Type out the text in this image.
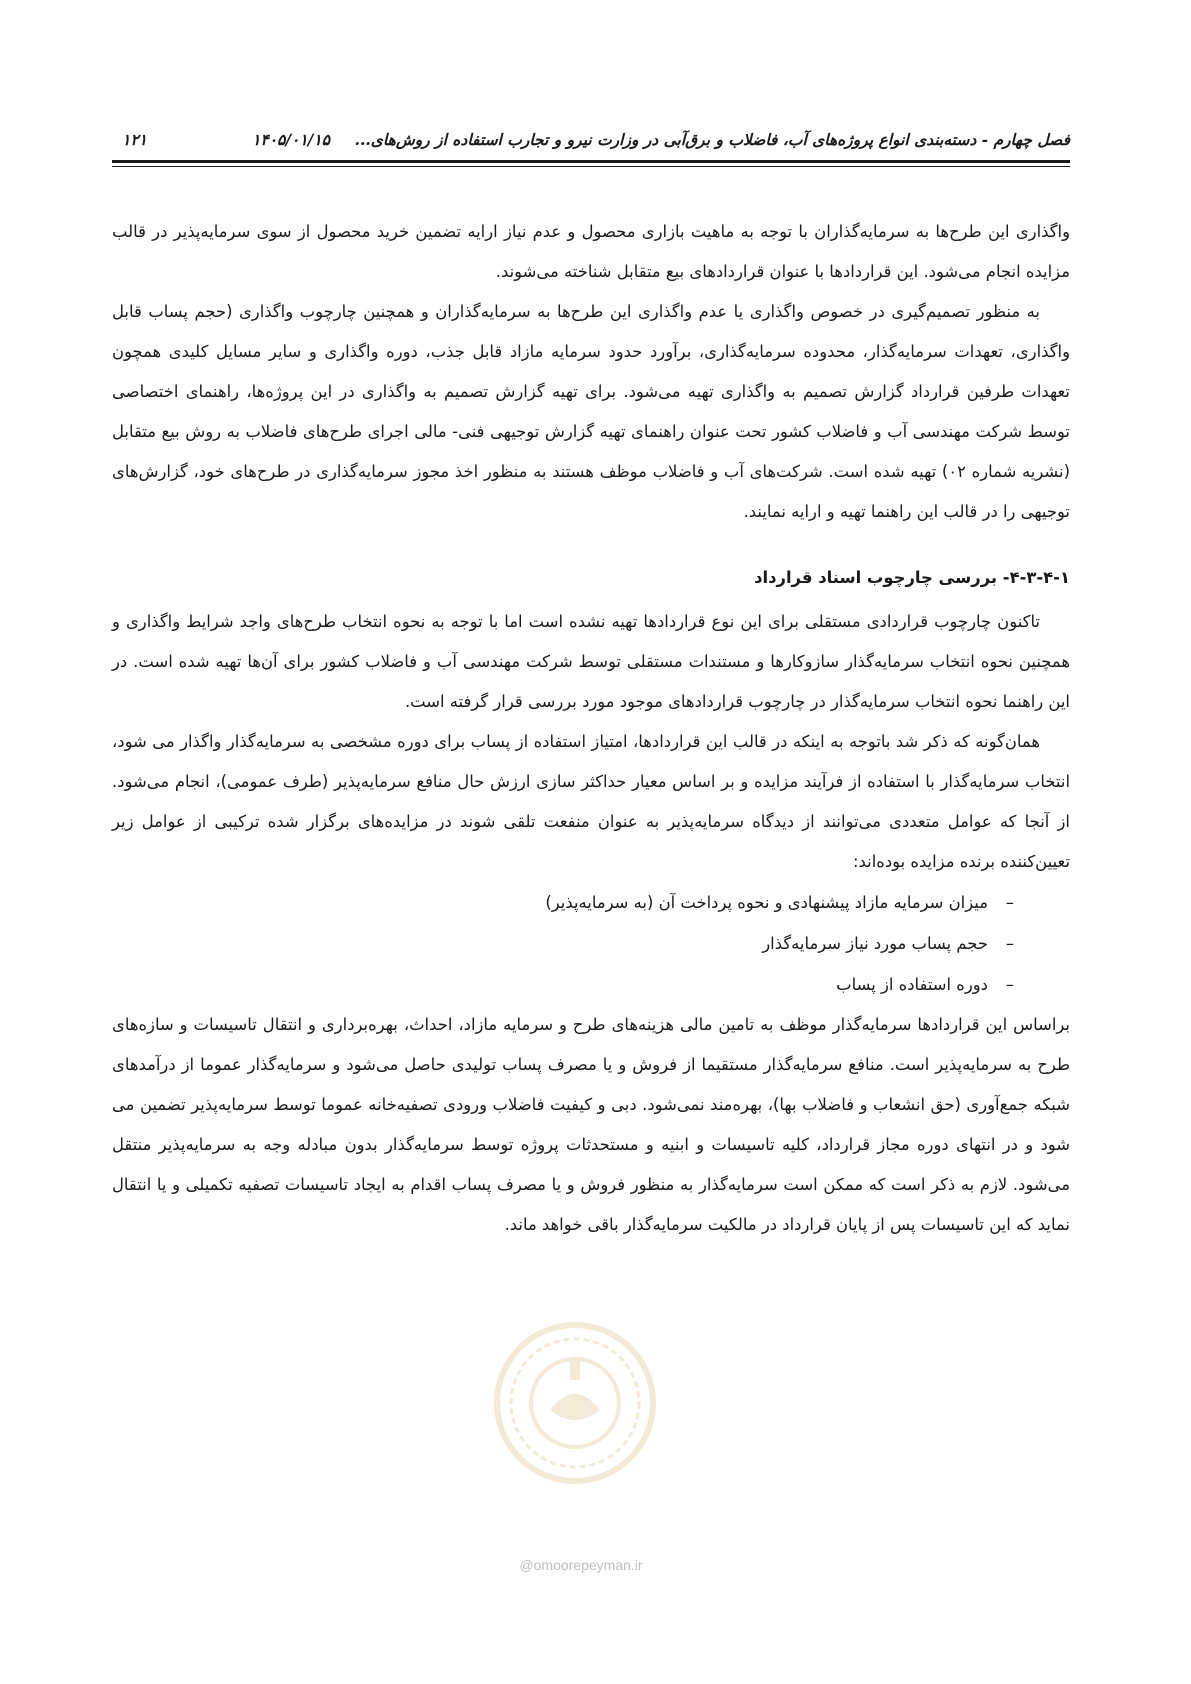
فصل چهارم - دسته‌بندی انواع پروژه‌های آب، فاضلاب و برق‌آبی در وزارت نیرو و تجارب استفاده از روش‌های...
۱۴۰۵/۰۱/۱۵
۱۲۱

واگذاری این طرح‌ها به سرمایه‌گذاران با توجه به ماهیت بازاری محصول و عدم نیاز ارایه تضمین خرید محصول از سوی سرمایه‌پذیر در قالب مزایده انجام می‌شود. این قراردادها با عنوان قراردادهای بیع متقابل شناخته می‌شوند.

به منظور تصمیم‌گیری در خصوص واگذاری یا عدم واگذاری این طرح‌ها به سرمایه‌گذاران و همچنین چارچوب واگذاری (حجم پساب قابل واگذاری، تعهدات سرمایه‌گذار، محدوده سرمایه‌گذاری، برآورد حدود سرمایه مازاد قابل جذب، دوره واگذاری و سایر مسایل کلیدی همچون تعهدات طرفین قرارداد گزارش تصمیم به واگذاری تهیه می‌شود. برای تهیه گزارش تصمیم به واگذاری در این پروژه‌ها، راهنمای اختصاصی توسط شرکت مهندسی آب و فاضلاب کشور تحت عنوان راهنمای تهیه گزارش توجیهی فنی- مالی اجرای طرح‌های فاضلاب به روش بیع متقابل (نشریه شماره ۰۲) تهیه شده است. شرکت‌های آب و فاضلاب موظف هستند به منظور اخذ مجوز سرمایه‌گذاری در طرح‌های خود، گزارش‌های توجیهی را در قالب این راهنما تهیه و ارایه نمایند.

۴-۳-۴-۱- بررسی چارچوب اسناد قرارداد

تاکنون چارچوب قراردادی مستقلی برای این نوع قراردادها تهیه نشده است اما با توجه به نحوه انتخاب طرح‌های واجد شرایط واگذاری و همچنین نحوه انتخاب سرمایه‌گذار سازوکارها و مستندات مستقلی توسط شرکت مهندسی آب و فاضلاب کشور برای آن‌ها تهیه شده است. در این راهنما نحوه انتخاب سرمایه‌گذار در چارچوب قراردادهای موجود مورد بررسی قرار گرفته است.

همان‌گونه که ذکر شد باتوجه به اینکه در قالب این قراردادها، امتیاز استفاده از پساب برای دوره مشخصی به سرمایه‌گذار واگذار می شود، انتخاب سرمایه‌گذار با استفاده از فرآیند مزایده و بر اساس معیار حداکثر سازی ارزش حال منافع سرمایه‌پذیر (طرف عمومی)، انجام می‌شود. از آنجا که عوامل متعددی می‌توانند از دیدگاه سرمایه‌پذیر به عنوان منفعت تلقی شوند در مزایده‌های برگزار شده ترکیبی از عوامل زیر تعیین‌کننده برنده مزایده بوده‌اند:

–میزان سرمایه مازاد پیشنهادی و نحوه پرداخت آن (به سرمایه‌پذیر)
–حجم پساب مورد نیاز سرمایه‌گذار
–دوره استفاده از پساب

براساس این قراردادها سرمایه‌گذار موظف به تامین مالی هزینه‌های طرح و سرمایه مازاد، احداث، بهره‌برداری و انتقال تاسیسات و سازه‌های طرح به سرمایه‌پذیر است. منافع سرمایه‌گذار مستقیما از فروش و یا مصرف پساب تولیدی حاصل می‌شود و سرمایه‌گذار عموما از درآمدهای شبکه جمع‌آوری (حق انشعاب و فاضلاب بها)، بهره‌مند نمی‌شود. دبی و کیفیت فاضلاب ورودی تصفیه‌خانه عموما توسط سرمایه‌پذیر تضمین می شود و در انتهای دوره مجاز قرارداد، کلیه تاسیسات و ابنیه و مستحدثات پروژه توسط سرمایه‌گذار بدون مبادله وجه به سرمایه‌پذیر منتقل می‌شود. لازم به ذکر است که ممکن است سرمایه‌گذار به منظور فروش و یا مصرف پساب اقدام به ایجاد تاسیسات تصفیه تکمیلی و یا انتقال نماید که این تاسیسات پس از پایان قرارداد در مالکیت سرمایه‌گذار باقی خواهد ماند.

@omoorepeyman.ir
